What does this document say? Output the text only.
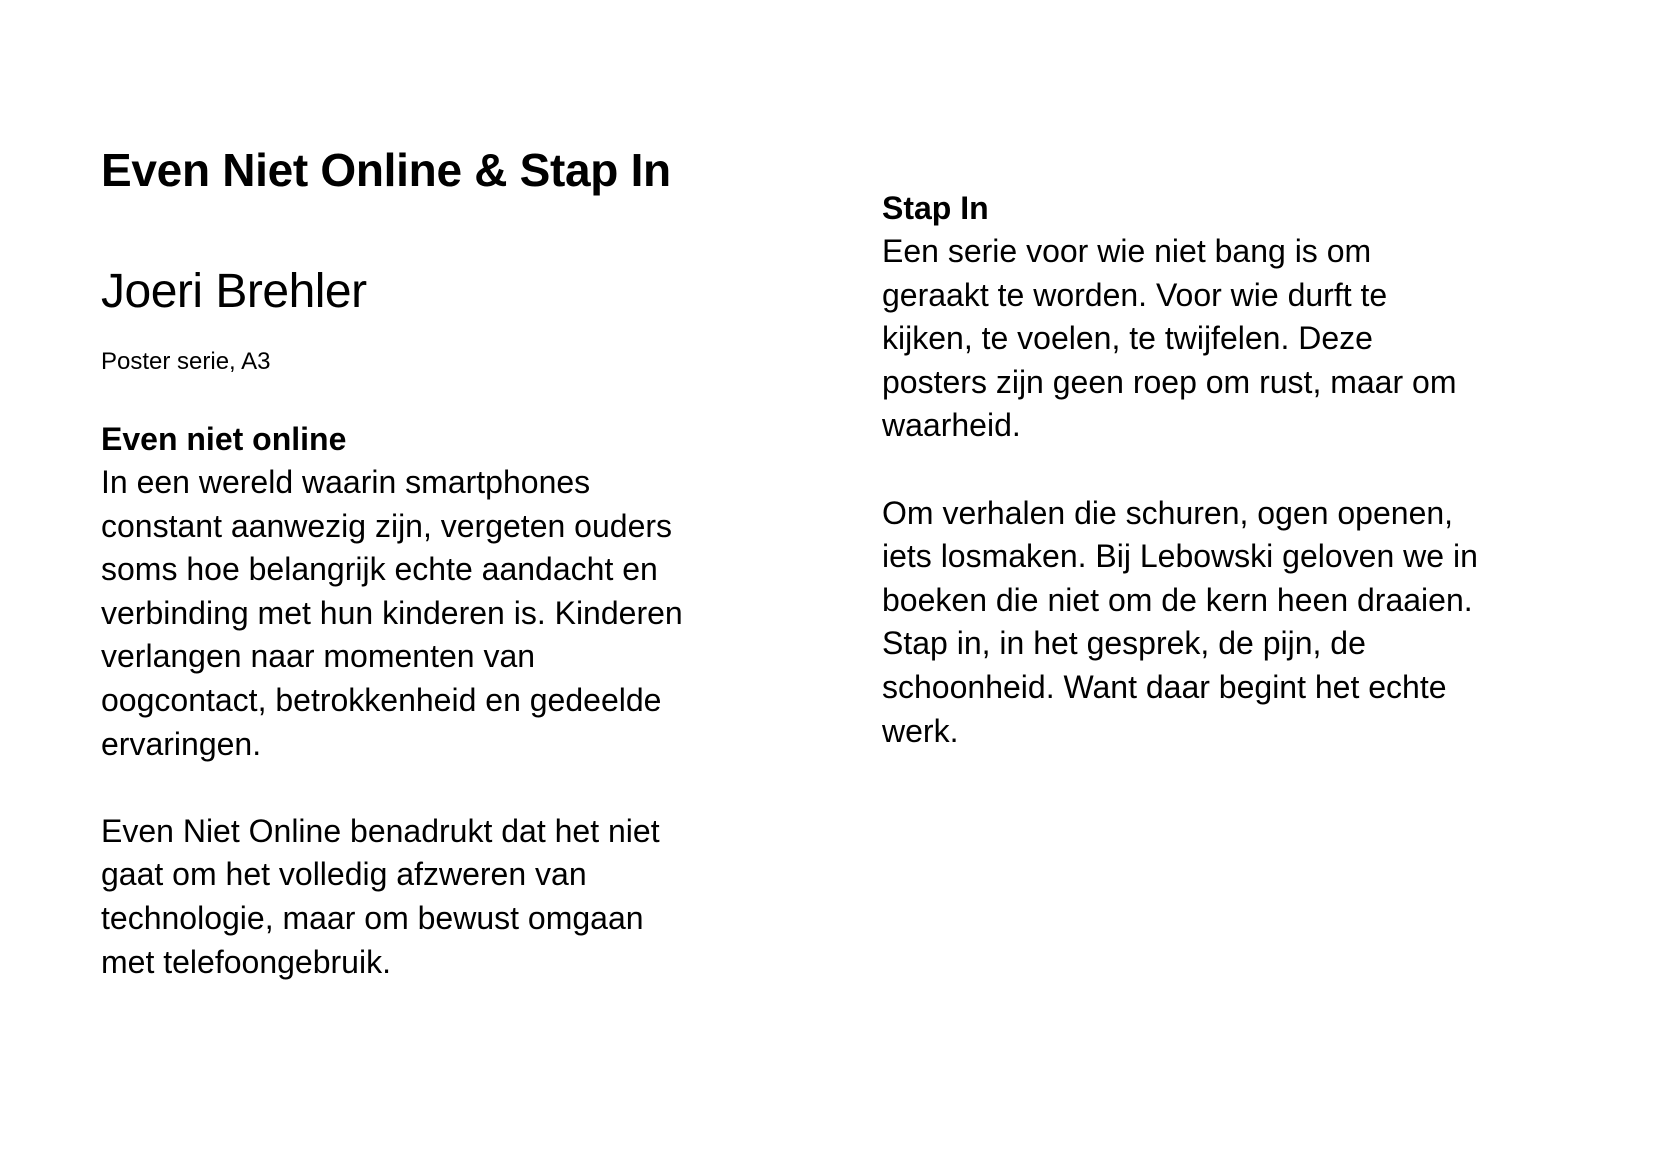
Even Niet Online & Stap In
Joeri Brehler

Poster serie, A3

Even niet online

In een wereld waarin smartphones
constant aanwezig zijn, vergeten ouders
soms hoe belangrijk echte aandacht en
verbinding met hun kinderen is. Kinderen
verlangen naar momenten van
oogcontact, betrokkenheid en gedeelde
ervaringen.

Even Niet Online benadrukt dat het niet
gaat om het volledig afzweren van
technologie, maar om bewust omgaan
met telefoongebruik.

Stap In

Een serie voor wie niet bang is om
geraakt te worden. Voor wie durft te
kijken, te voelen, te twijfelen. Deze
posters zijn geen roep om rust, maar om
waarheid.

Om verhalen die schuren, ogen openen,
iets losmaken. Bij Lebowski geloven we in
boeken die niet om de kern heen draaien.
Stap in, in het gesprek, de pijn, de
schoonheid. Want daar begint het echte
werk.
